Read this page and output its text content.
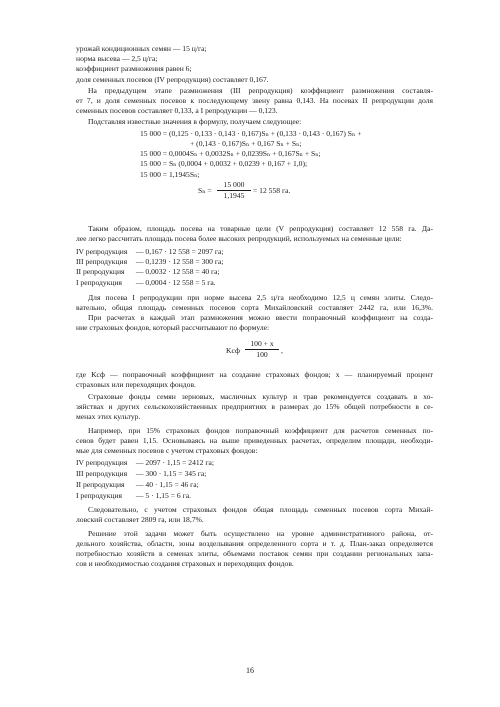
урожай кондиционных семян — 15 ц/га;
норма высева — 2,5 ц/га;
коэффициент размножения равен 6;
доля семенных посевов (IV репродукция) составляет 0,167.
На предыдущем этапе размножения (III репродукция) коэффициент размножения составля-
ет 7, и доля семенных посевов к последующему звену равна 0,143. На посевах II репродукции доля
семенных посевов составляет 0,133, а I репродукции — 0,123.
Подставляя известные значения в формулу, получаем следующее:
15 000 = (0,125 · 0,133 · 0,143 · 0,167)Sₙ + (0,133 · 0,143 · 0,167) Sₙ +
+ (0,143 · 0,167)Sₙ + 0,167 Sₙ + Sₙ;
15 000 = 0,0004Sₙ + 0,0032Sₙ + 0,0239Sₙ + 0,167Sₙ + Sₙ;
15 000 = Sₙ (0,0004 + 0,0032 + 0,0239 + 0,167 + 1,0);
15 000 = 1,1945Sₙ;
$S_n = \frac{15 000}{1,1945} = 12$ 558 га.
Таким образом, площадь посева на товарные цели (V репродукция) составляет 12 558 га. Да-
лее легко рассчитать площадь посева более высоких репродукций, используемых на семенные цели:
IV репродукция — 0,167 · 12 558 = 2097 га;
III репродукция — 0,1239 · 12 558 = 300 га;
II репродукция — 0,0032 · 12 558 = 40 га;
I репродукция — 0,0004 · 12 558 = 5 га.
Для посева I репродукции при норме высева 2,5 ц/га необходимо 12,5 ц семян элиты. Следо-
вательно, общая площадь семенных посевов сорта Михайловский составляет 2442 га, или 16,3%.
При расчетах в каждый этап размножения можно ввести поправочный коэффициент на созда-
ние страховых фондов, который рассчитывают по формуле:
Kсф $\frac{100 + x}{100}$ ,
где Kсф — поправочный коэффициент на создание страховых фондов; x — планируемый процент
страховых или переходящих фондов.
Страховые фонды семян зерновых, масличных культур и трав рекомендуется создавать в хо-
зяйствах и других сельскохозяйственных предприятиях в размерах до 15% общей потребности в се-
менах этих культур.
Например, при 15% страховых фондов поправочный коэффициент для расчетов семенных по-
севов будет равен 1,15. Основываясь на выше приведенных расчетах, определим площади, необходи-
мые для семенных посевов с учетом страховых фондов:
IV репродукция — 2097 · 1,15 = 2412 га;
III репродукция — 300 · 1,15 = 345 га;
II репродукция — 40 · 1,15 = 46 га;
I репродукция — 5 · 1,15 = 6 га.
Следовательно, с учетом страховых фондов общая площадь семенных посевов сорта Михай-
ловский составляет 2809 га, или 18,7%.
Решение этой задачи может быть осуществлено на уровне административного района, от-
дельного хозяйства, области, зоны возделывания определенного сорта и т. д. План-заказ определяется
потребностью хозяйств в семенах элиты, объемами поставок семян при создании региональных запа-
сов и необходимостью создания страховых и переходящих фондов.
16
